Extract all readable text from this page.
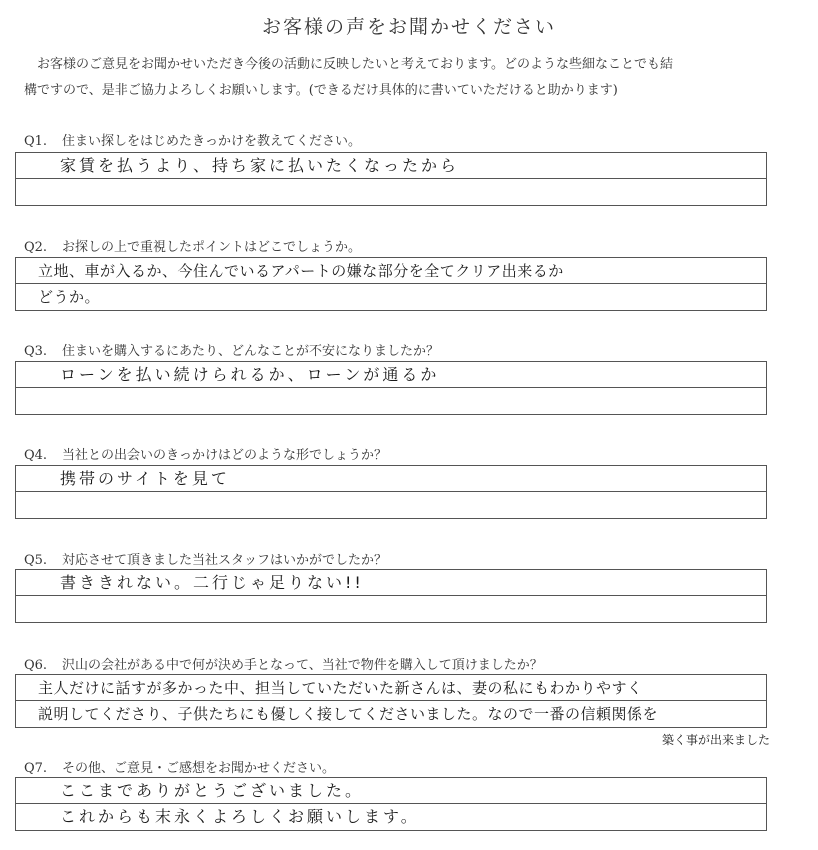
お客様の声をお聞かせください
お客様のご意見をお聞かせいただき今後の活動に反映したいと考えております。どのような些細なことでも結
構ですので、是非ご協力よろしくお願いします。(できるだけ具体的に書いていただけると助かります)
Q1. 住まい探しをはじめたきっかけを教えてください。
家賃を払うより、持ち家に払いたくなったから
Q2. お探しの上で重視したポイントはどこでしょうか。
立地、車が入るか、今住んでいるアパートの嫌な部分を全てクリア出来るか
どうか。
Q3. 住まいを購入するにあたり、どんなことが不安になりましたか？
ローンを払い続けられるか、ローンが通るか
Q4. 当社との出会いのきっかけはどのような形でしょうか？
携帯のサイトを見て
Q5. 対応させて頂きました当社スタッフはいかがでしたか？
書ききれない。二行じゃ足りない!!
Q6. 沢山の会社がある中で何が決め手となって、当社で物件を購入して頂けましたか？
主人だけに話すが多かった中、担当していただいた新さんは、妻の私にもわかりやすく
説明してくださり、子供たちにも優しく接してくださいました。なので一番の信頼関係を
築く事が出来ました
Q7. その他、ご意見・ご感想をお聞かせください。
ここまでありがとうございました。
これからも末永くよろしくお願いします。
